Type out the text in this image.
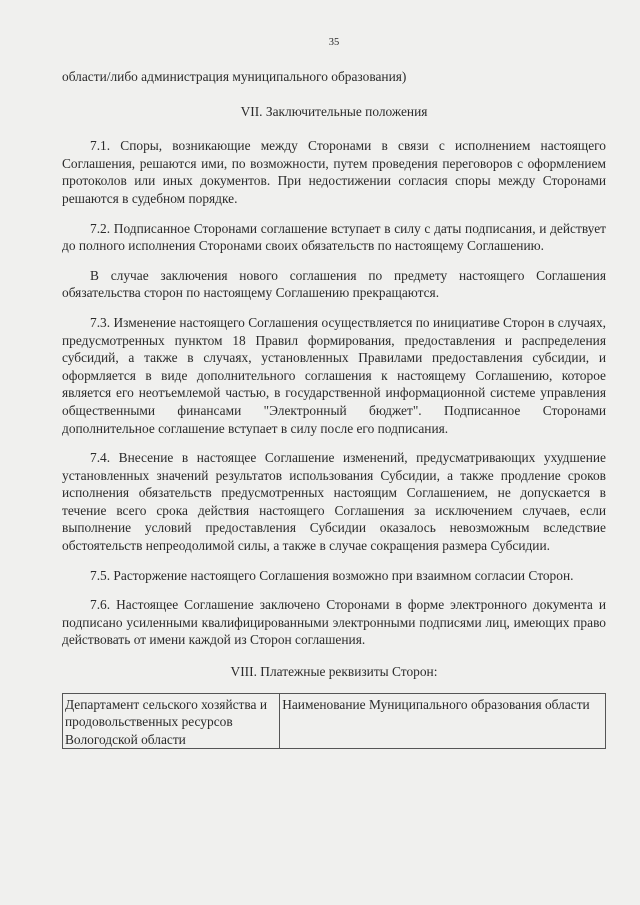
35
области/либо администрация муниципального образования)
VII. Заключительные положения

7.1. Споры, возникающие между Сторонами в связи с исполнением настоящего Соглашения, решаются ими, по возможности, путем проведения переговоров с оформлением протоколов или иных документов. При недостижении согласия споры между Сторонами решаются в судебном порядке.

7.2. Подписанное Сторонами соглашение вступает в силу с даты подписания, и действует до полного исполнения Сторонами своих обязательств по настоящему Соглашению.

В случае заключения нового соглашения по предмету настоящего Соглашения обязательства сторон по настоящему Соглашению прекращаются.

7.3. Изменение настоящего Соглашения осуществляется по инициативе Сторон в случаях, предусмотренных пунктом 18 Правил формирования, предоставления и распределения субсидий, а также в случаях, установленных Правилами предоставления субсидии, и оформляется в виде дополнительного соглашения к настоящему Соглашению, которое является его неотъемлемой частью, в государственной информационной системе управления общественными финансами "Электронный бюджет". Подписанное Сторонами дополнительное соглашение вступает в силу после его подписания.

7.4. Внесение в настоящее Соглашение изменений, предусматривающих ухудшение установленных значений результатов использования Субсидии, а также продление сроков исполнения обязательств предусмотренных настоящим Соглашением, не допускается в течение всего срока действия настоящего Соглашения за исключением случаев, если выполнение условий предоставления Субсидии оказалось невозможным вследствие обстоятельств непреодолимой силы, а также в случае сокращения размера Субсидии.

7.5. Расторжение настоящего Соглашения возможно при взаимном согласии Сторон.

7.6. Настоящее Соглашение заключено Сторонами в форме электронного документа и подписано усиленными квалифицированными электронными подписями лиц, имеющих право действовать от имени каждой из Сторон соглашения.

VIII. Платежные реквизиты Сторон:
Департамент сельского хозяйства и продовольственных ресурсов Вологодской области	Наименование Муниципального образования области
